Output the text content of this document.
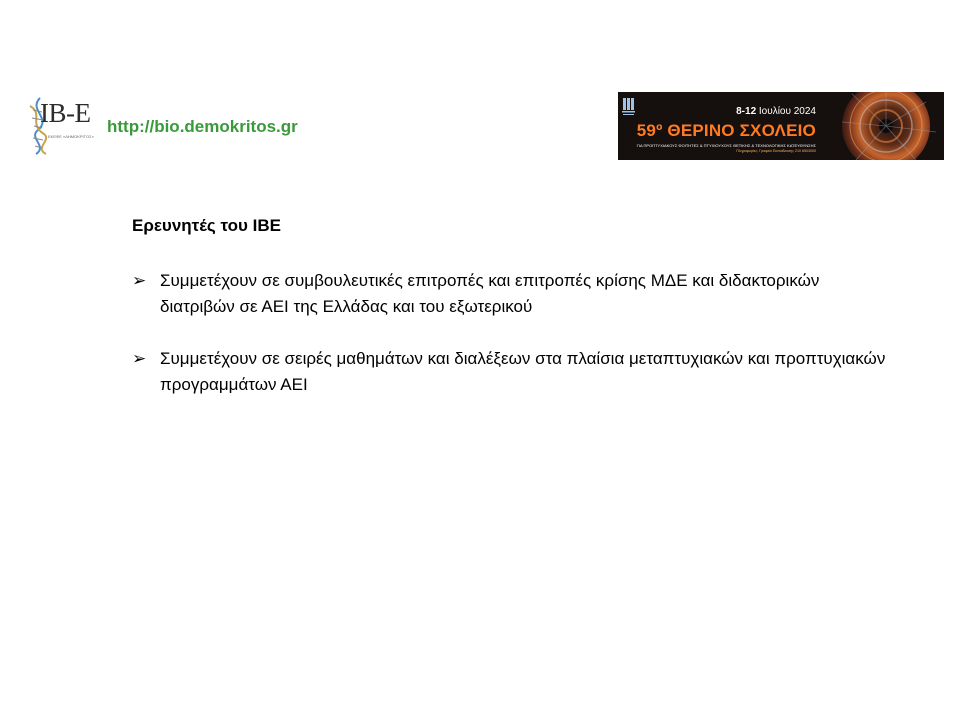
IB-E
ΕΚΕΦΕ «ΔΗΜΟΚΡΙΤΟΣ»
http://bio.demokritos.gr
8-12 Ιουλίου 2024
59º ΘΕΡΙΝΟ ΣΧΟΛΕΙΟ
ΓΙΑ ΠΡΟΠΤΥΧΙΑΚΟΥΣ ΦΟΙΤΗΤΕΣ & ΠΤΥΧΙΟΥΧΟΥΣ ΘΕΤΙΚΗΣ & ΤΕΧΝΟΛΟΓΙΚΗΣ ΚΑΤΕΥΘΥΝΣΗΣ
Πληροφορίες: Γραφείο Εκπαίδευσης 210 6503000
Ερευνητές του ΙΒΕ
➢ Συμμετέχουν σε συμβουλευτικές επιτροπές και επιτροπές κρίσης ΜΔΕ και διδακτορικών διατριβών σε ΑΕΙ της Ελλάδας και του εξωτερικού
➢ Συμμετέχουν σε σειρές μαθημάτων και διαλέξεων στα πλαίσια μεταπτυχιακών και προπτυχιακών προγραμμάτων ΑΕΙ
